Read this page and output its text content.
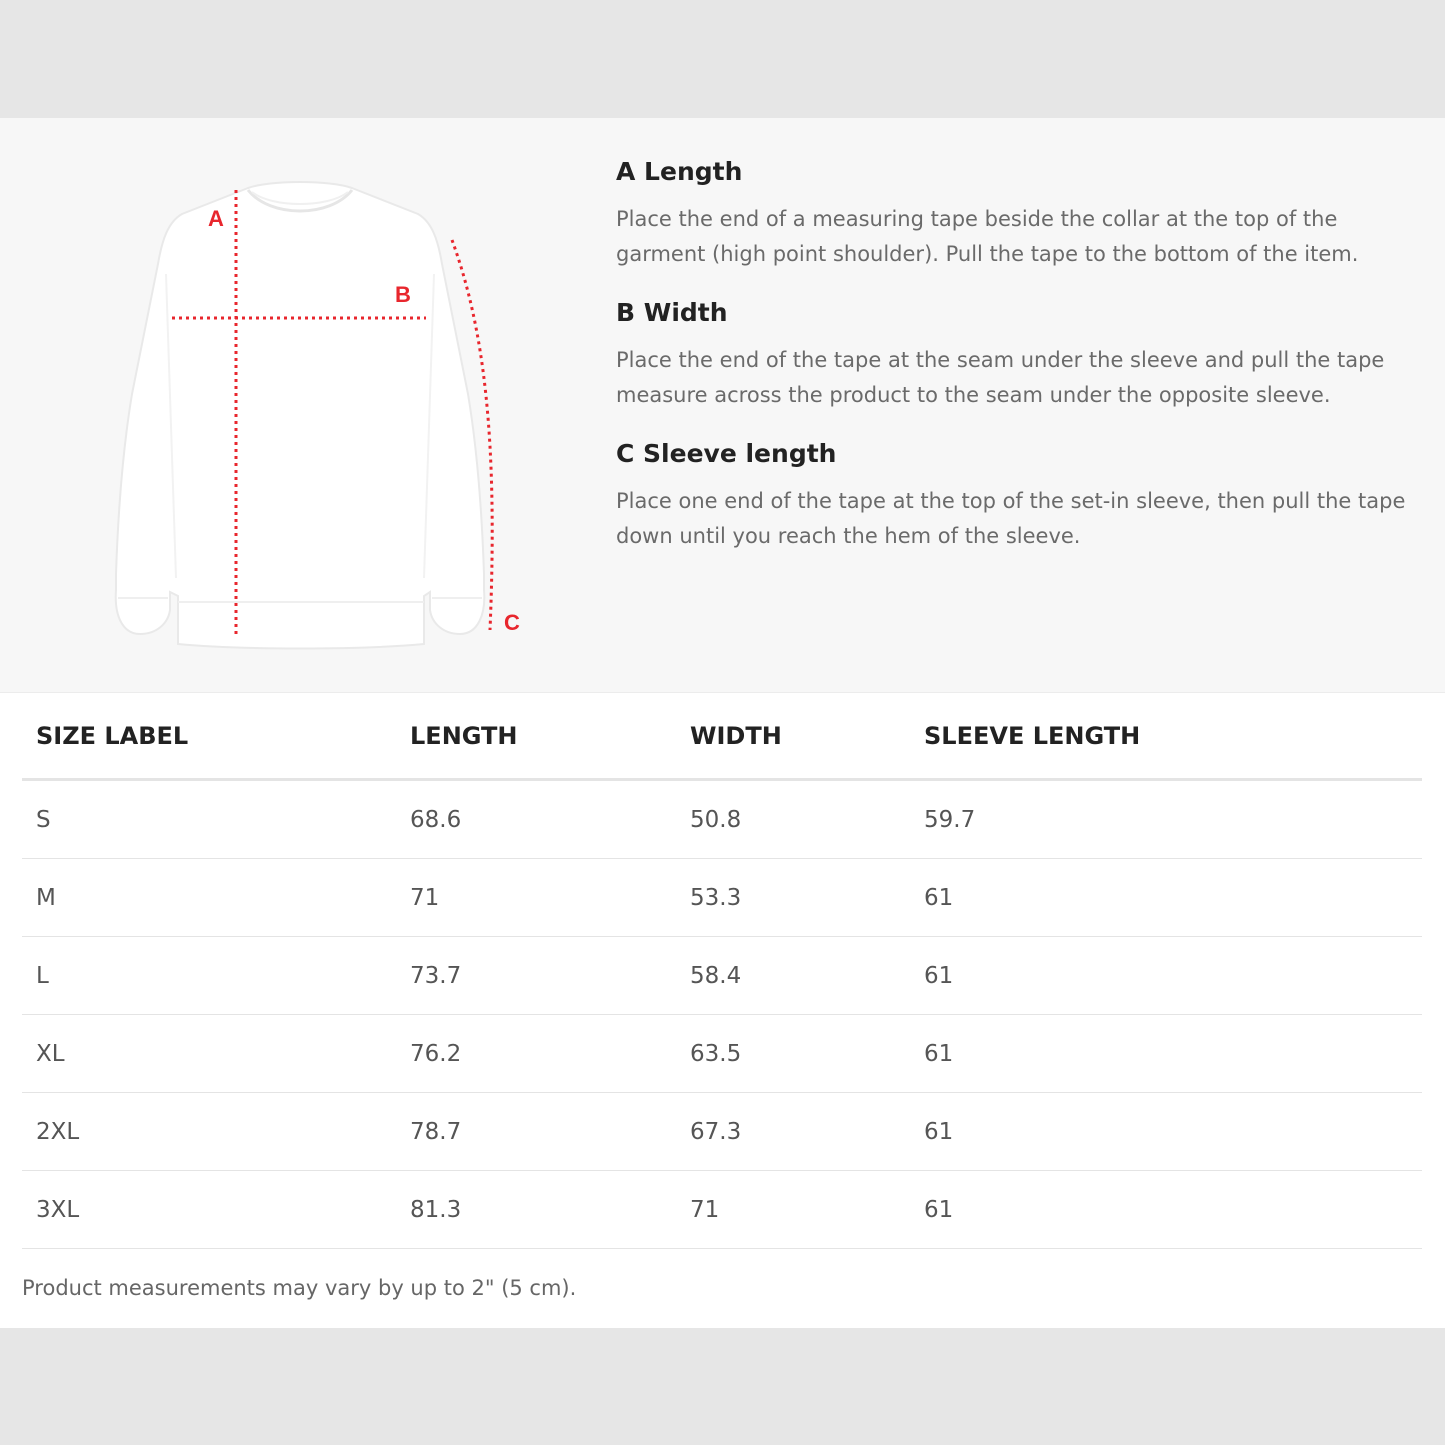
A
B
C
A Length

Place the end of a measuring tape beside the collar at the top of the garment (high point shoulder). Pull the tape to the bottom of the item.

B Width

Place the end of the tape at the seam under the sleeve and pull the tape measure across the product to the seam under the opposite sleeve.

C Sleeve length

Place one end of the tape at the top of the set-in sleeve, then pull the tape down until you reach the hem of the sleeve.

SIZE LABEL	LENGTH	WIDTH	SLEEVE LENGTH
S	68.6	50.8	59.7
M	71	53.3	61
L	73.7	58.4	61
XL	76.2	63.5	61
2XL	78.7	67.3	61
3XL	81.3	71	61

Product measurements may vary by up to 2" (5 cm).
